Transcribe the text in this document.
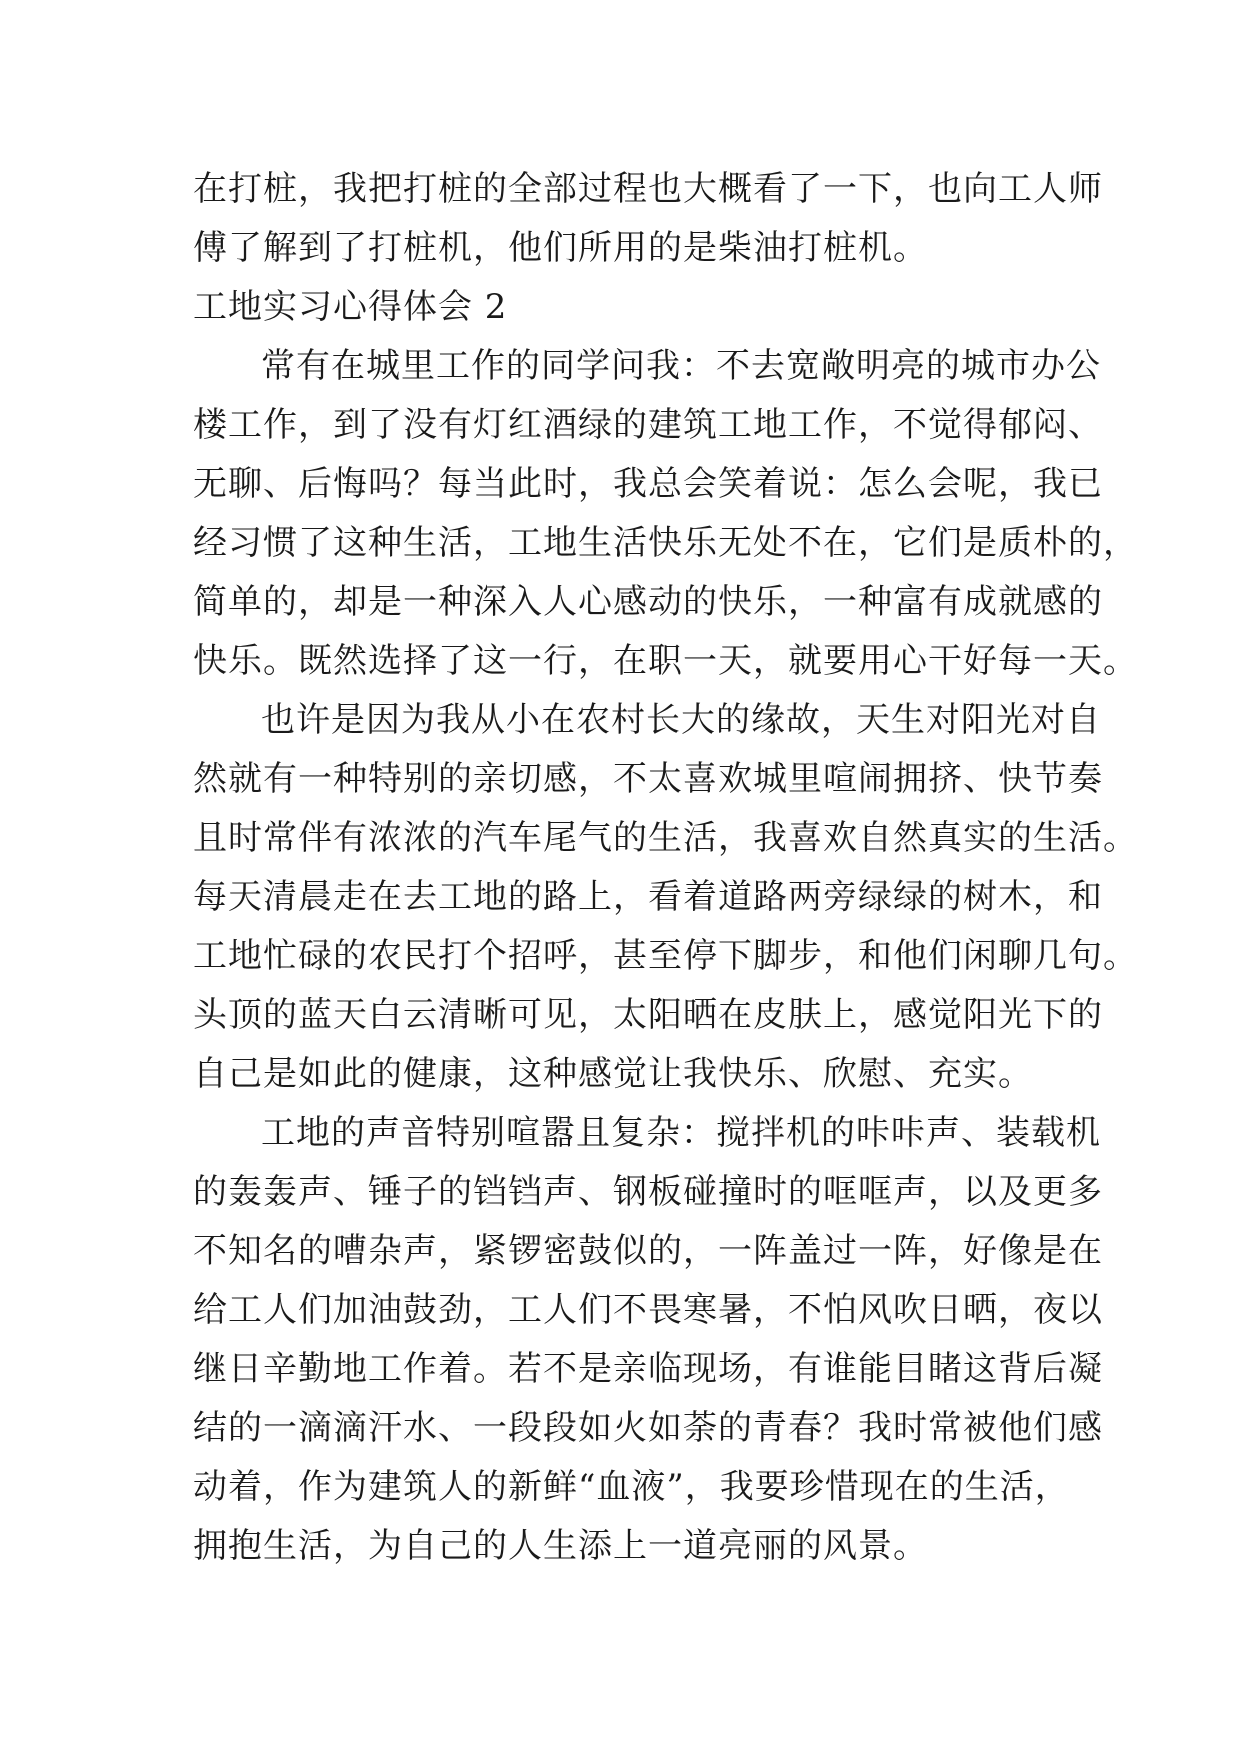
在打桩，我把打桩的全部过程也大概看了一下，也向工人师
傅了解到了打桩机，他们所用的是柴油打桩机。
工地实习心得体会 2
常有在城里工作的同学问我：不去宽敞明亮的城市办公
楼工作，到了没有灯红酒绿的建筑工地工作，不觉得郁闷、
无聊、后悔吗？每当此时，我总会笑着说：怎么会呢，我已
经习惯了这种生活，工地生活快乐无处不在，它们是质朴的，
简单的，却是一种深入人心感动的快乐，一种富有成就感的
快乐。既然选择了这一行，在职一天，就要用心干好每一天。
也许是因为我从小在农村长大的缘故，天生对阳光对自
然就有一种特别的亲切感，不太喜欢城里喧闹拥挤、快节奏
且时常伴有浓浓的汽车尾气的生活，我喜欢自然真实的生活。
每天清晨走在去工地的路上，看着道路两旁绿绿的树木，和
工地忙碌的农民打个招呼，甚至停下脚步，和他们闲聊几句。
头顶的蓝天白云清晰可见，太阳晒在皮肤上，感觉阳光下的
自己是如此的健康，这种感觉让我快乐、欣慰、充实。
工地的声音特别喧嚣且复杂：搅拌机的咔咔声、装载机
的轰轰声、锤子的铛铛声、钢板碰撞时的哐哐声，以及更多
不知名的嘈杂声，紧锣密鼓似的，一阵盖过一阵，好像是在
给工人们加油鼓劲，工人们不畏寒暑，不怕风吹日晒，夜以
继日辛勤地工作着。若不是亲临现场，有谁能目睹这背后凝
结的一滴滴汗水、一段段如火如荼的青春？我时常被他们感
动着，作为建筑人的新鲜“血液”，我要珍惜现在的生活，
拥抱生活，为自己的人生添上一道亮丽的风景。
